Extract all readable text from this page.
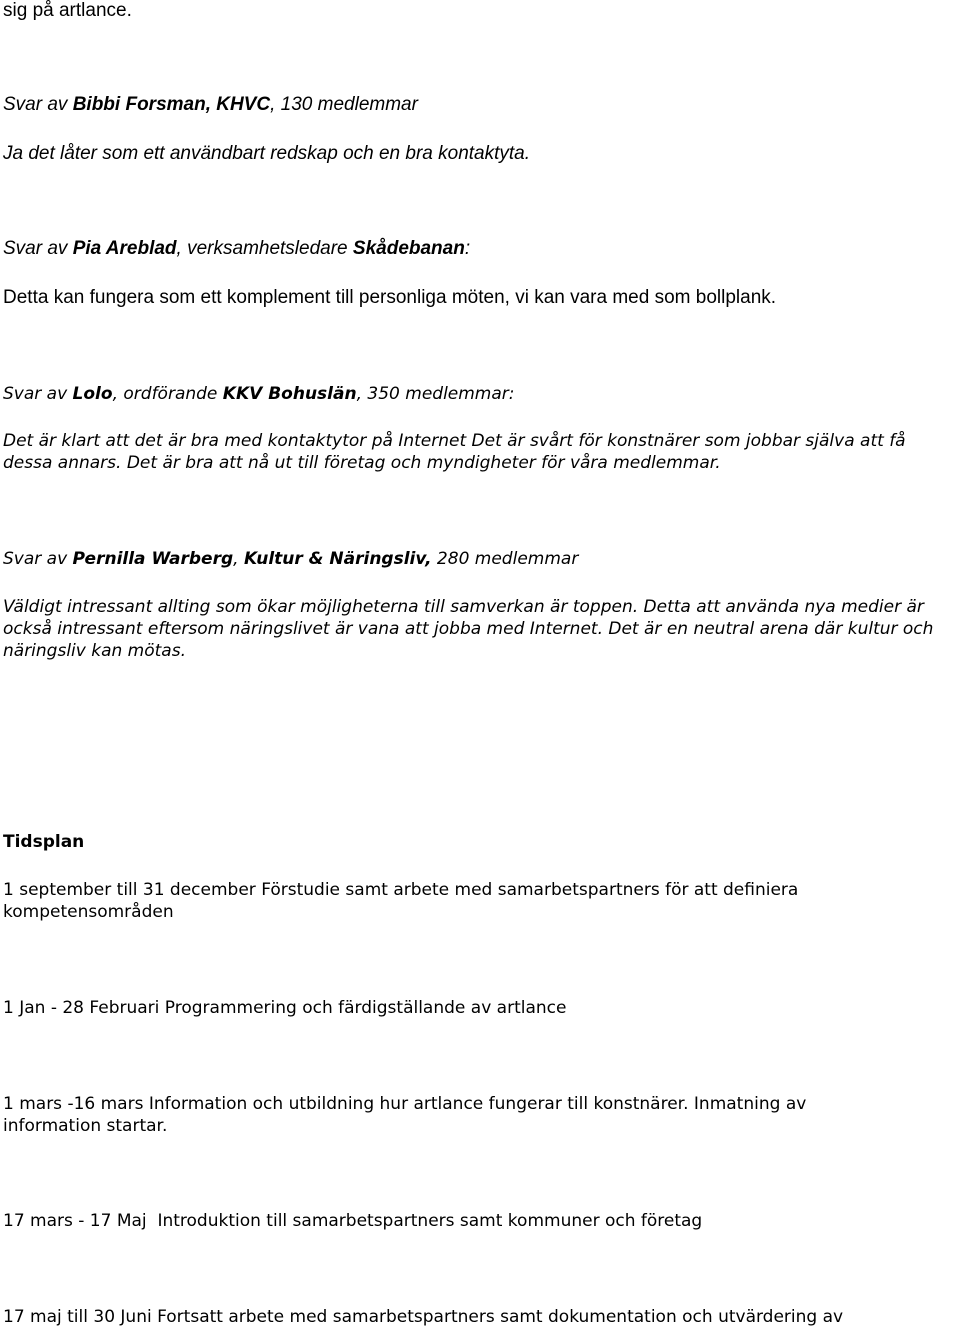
sig på artlance.
Svar av Bibbi Forsman, KHVC, 130 medlemmar
Ja det låter som ett användbart redskap och en bra kontaktyta.
Svar av Pia Areblad, verksamhetsledare Skådebanan:
Detta kan fungera som ett komplement till personliga möten, vi kan vara med som bollplank.
Svar av Lolo, ordförande KKV Bohuslän, 350 medlemmar:
Det är klart att det är bra med kontaktytor på Internet Det är svårt för konstnärer som jobbar själva att få dessa annars. Det är bra att nå ut till företag och myndigheter för våra medlemmar.
Svar av Pernilla Warberg, Kultur & Näringsliv, 280 medlemmar
Väldigt intressant allting som ökar möjligheterna till samverkan är toppen. Detta att använda nya medier är också intressant eftersom näringslivet är vana att jobba med Internet. Det är en neutral arena där kultur och näringsliv kan mötas.
Tidsplan
1 september till 31 december Förstudie samt arbete med samarbetspartners för att definiera kompetensområden
1 Jan - 28 Februari Programmering och färdigställande av artlance
1 mars -16 mars Information och utbildning hur artlance fungerar till konstnärer. Inmatning av information startar.
17 mars - 17 Maj  Introduktion till samarbetspartners samt kommuner och företag
17 maj till 30 Juni Fortsatt arbete med samarbetspartners samt dokumentation och utvärdering av
